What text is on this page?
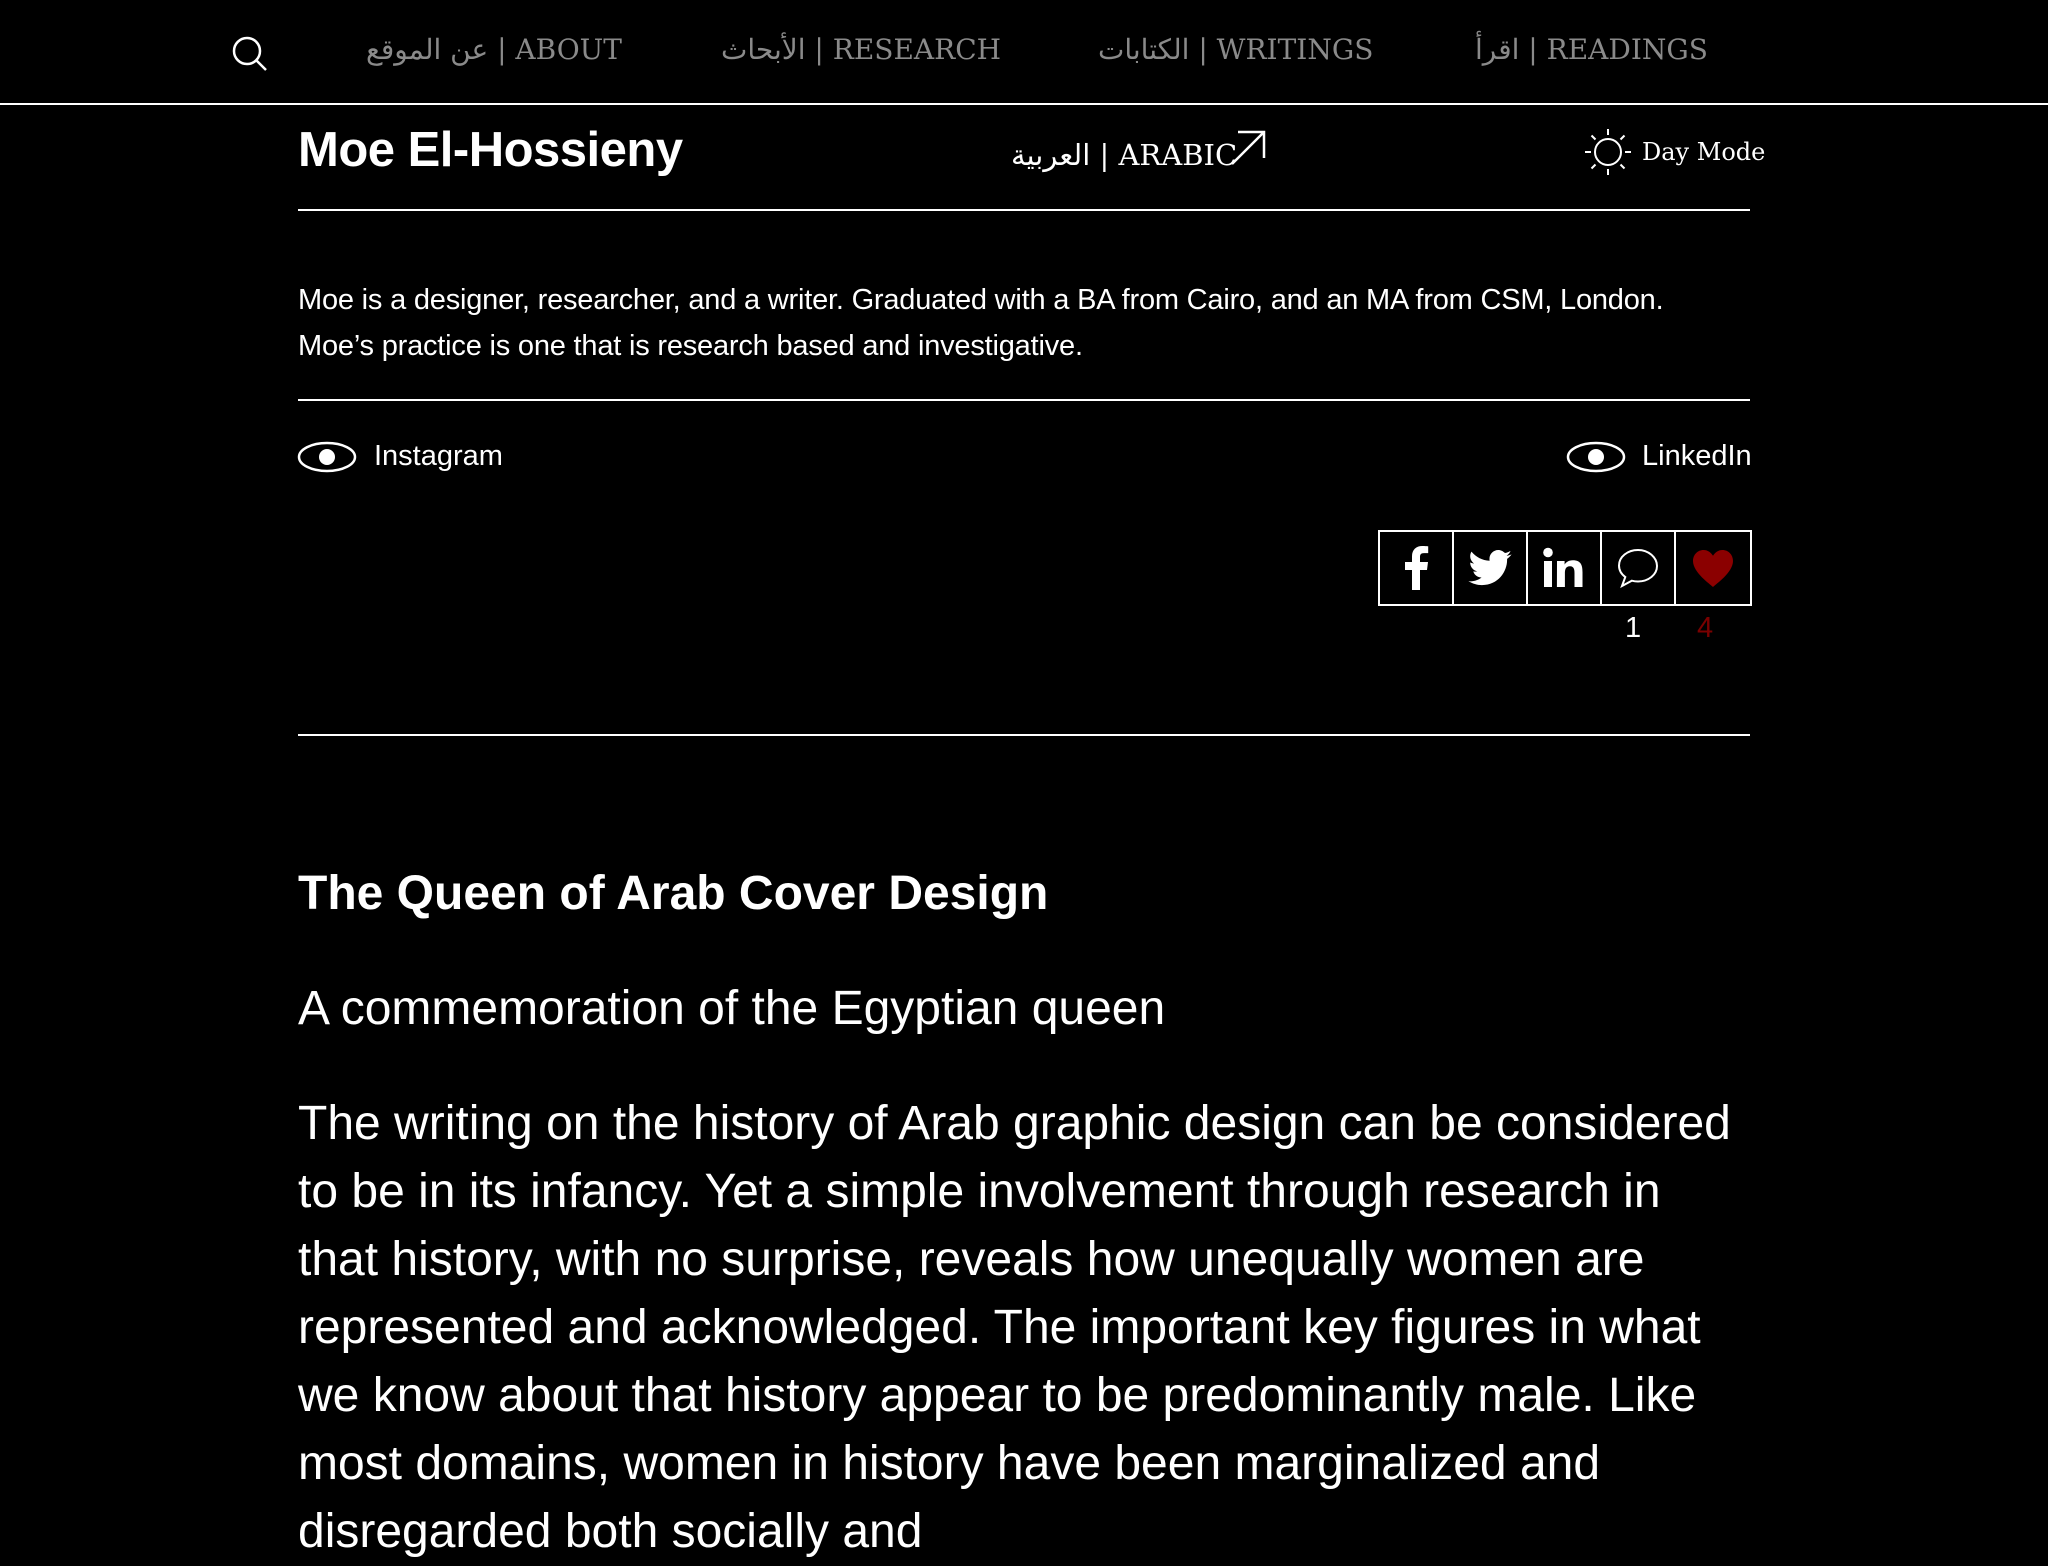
عن الموقع | ABOUT	الأبحاث | RESEARCH	الكتابات | WRITINGS	اقرأ | READINGS
Moe El-Hossieny	العربية | ARABIC	Day Mode
Moe is a designer, researcher, and a writer. Graduated with a BA from Cairo, and an MA from CSM, London.
Moe’s practice is one that is research based and investigative.
Instagram	LinkedIn
1 4
The Queen of Arab Cover Design
A commemoration of the Egyptian queen

The writing on the history of Arab graphic design can be considered to be in its infancy. Yet a simple involvement through research in that history, with no surprise, reveals how unequally women are represented and acknowledged. The important key figures in what we know about that history appear to be predominantly male. Like most domains, women in history have been marginalized and disregarded both socially and
